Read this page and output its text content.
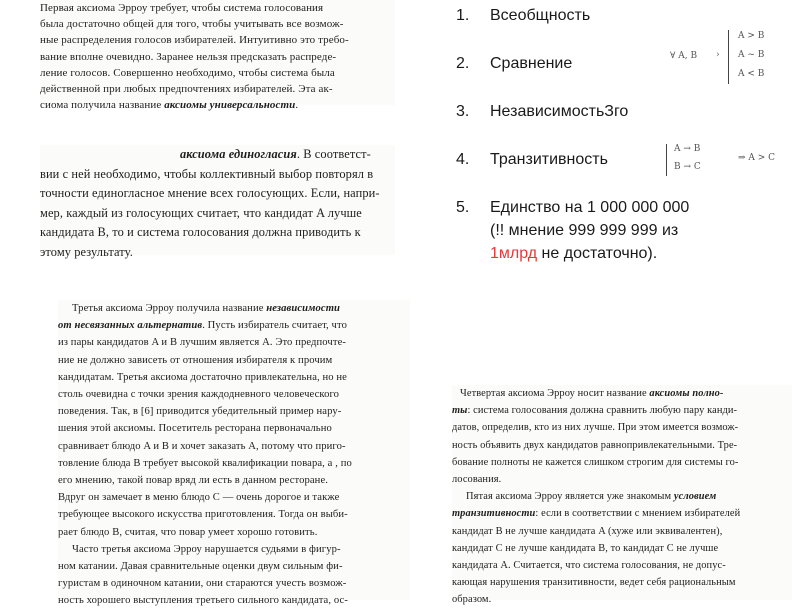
Первая аксиома Эрроу требует, чтобы система голосования
была достаточно общей для того, чтобы учитывать все возмож-
ные распределения голосов избирателей. Интуитивно это требо-
вание вполне очевидно. Заранее нельзя предсказать распреде-
ление голосов. Совершенно необходимо, чтобы система была
действенной при любых предпочтениях избирателей. Эта ак-
сиома получила название аксиомы универсальности.
аксиома единогласия. В соответст-
вии с ней необходимо, чтобы коллективный выбор повторял в
точности единогласное мнение всех голосующих. Если, напри-
мер, каждый из голосующих считает, что кандидат A лучше
кандидата B, то и система голосования должна приводить к
этому результату.
Третья аксиома Эрроу получила название независимости
от несвязанных альтернатив. Пусть избиратель считает, что
из пары кандидатов A и B лучшим является A. Это предпочте-
ние не должно зависеть от отношения избирателя к прочим
кандидатам. Третья аксиома достаточно привлекательна, но не
столь очевидна с точки зрения каждодневного человеческого
поведения. Так, в [6] приводится убедительный пример нару-
шения этой аксиомы. Посетитель ресторана первоначально
сравнивает блюдо A и B и хочет заказать A, потому что приго-
товление блюда B требует высокой квалификации повара, а , по
его мнению, такой повар вряд ли есть в данном ресторане.
Вдруг он замечает в меню блюдо C — очень дорогое и также
требующее высокого искусства приготовления. Тогда он выби-
рает блюдо B, считая, что повар умеет хорошо готовить.
Часто третья аксиома Эрроу нарушается судьями в фигур-
ном катании. Давая сравнительные оценки двум сильным фи-
гуристам в одиночном катании, они стараются учесть возмож-
ность хорошего выступления третьего сильного кандидата, ос-
Четвертая аксиома Эрроу носит название аксиомы полно-
ты: система голосования должна сравнить любую пару канди-
датов, определив, кто из них лучше. При этом имеется возмож-
ность объявить двух кандидатов равнопривлекательными. Тре-
бование полноты не кажется слишком строгим для системы го-
лосования.
Пятая аксиома Эрроу является уже знакомым условием
транзитивности: если в соответствии с мнением избирателей
кандидат B не лучше кандидата A (хуже или эквивалентен),
кандидат C не лучше кандидата B, то кандидат C не лучше
кандидата A. Считается, что система голосования, не допус-
кающая нарушения транзитивности, ведет себя рациональным
образом.
1.	Всеобщность
2.	Сравнение
3.	НезависимостьЗго
4.	Транзитивность
5.	Единство на 1 000 000 000
(!! мнение 999 999 999 из
1млрд не достаточно).
∀ A, B ›
A > B
A ~ B
A < B
A → B
B → C
⇒ A > C
